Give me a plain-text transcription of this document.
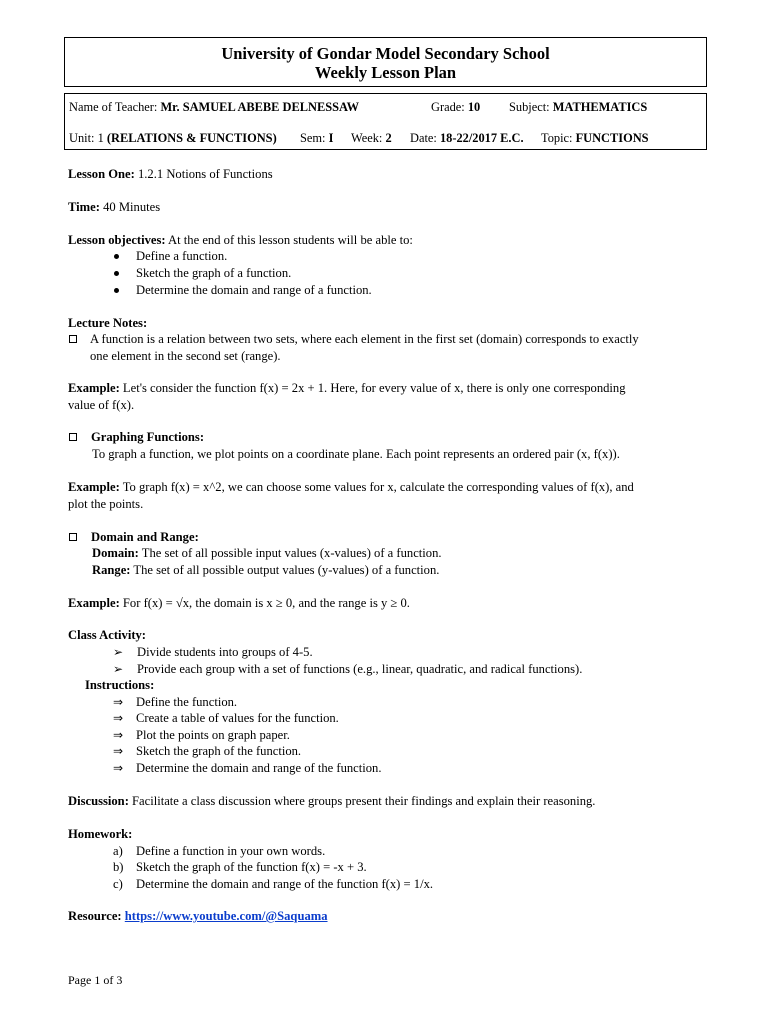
University of Gondar Model Secondary School
Weekly Lesson Plan
Name of Teacher: Mr. SAMUEL ABEBE DELNESSAW	Grade: 10 Subject: MATHEMATICS
Unit: 1 (RELATIONS & FUNCTIONS) Sem: I Week: 2 Date: 18-22/2017 E.C. Topic: FUNCTIONS
Lesson One: 1.2.1 Notions of Functions
Time: 40 Minutes
Lesson objectives: At the end of this lesson students will be able to:
Define a function.
Sketch the graph of a function.
Determine the domain and range of a function.
Lecture Notes:
A function is a relation between two sets, where each element in the first set (domain) corresponds to exactly
one element in the second set (range).
Example: Let's consider the function f(x) = 2x + 1. Here, for every value of x, there is only one corresponding
value of f(x).
Graphing Functions:
To graph a function, we plot points on a coordinate plane. Each point represents an ordered pair (x, f(x)).
Example: To graph f(x) = x^2, we can choose some values for x, calculate the corresponding values of f(x), and
plot the points.
Domain and Range:
Domain: The set of all possible input values (x-values) of a function.
Range: The set of all possible output values (y-values) of a function.
Example: For f(x) = √x, the domain is x ≥ 0, and the range is y ≥ 0.
Class Activity:
➢ Divide students into groups of 4-5.
➢ Provide each group with a set of functions (e.g., linear, quadratic, and radical functions).
Instructions:
⇒ Define the function.
⇒ Create a table of values for the function.
⇒ Plot the points on graph paper.
⇒ Sketch the graph of the function.
⇒ Determine the domain and range of the function.
Discussion: Facilitate a class discussion where groups present their findings and explain their reasoning.
Homework:
a) Define a function in your own words.
b) Sketch the graph of the function f(x) = -x + 3.
c) Determine the domain and range of the function f(x) = 1/x.
Resource: https://www.youtube.com/@Saquama
Page 1 of 3
